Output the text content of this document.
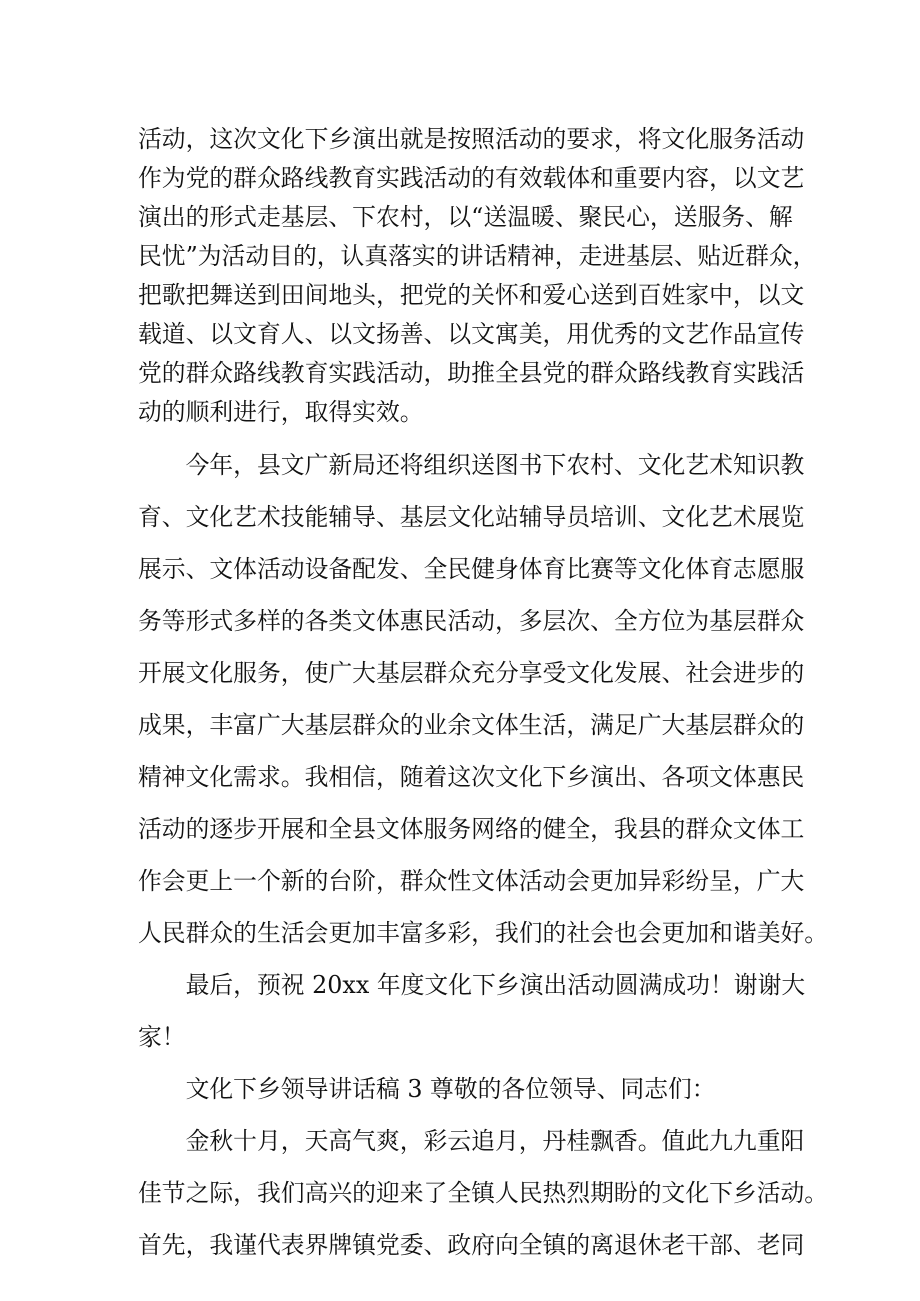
活动，这次文化下乡演出就是按照活动的要求，将文化服务活动
作为党的群众路线教育实践活动的有效载体和重要内容，以文艺
演出的形式走基层、下农村，以“送温暖、聚民心，送服务、解
民忧”为活动目的，认真落实的讲话精神，走进基层、贴近群众，
把歌把舞送到田间地头，把党的关怀和爱心送到百姓家中，以文
载道、以文育人、以文扬善、以文寓美，用优秀的文艺作品宣传
党的群众路线教育实践活动，助推全县党的群众路线教育实践活
动的顺利进行，取得实效。
　　今年，县文广新局还将组织送图书下农村、文化艺术知识教
育、文化艺术技能辅导、基层文化站辅导员培训、文化艺术展览
展示、文体活动设备配发、全民健身体育比赛等文化体育志愿服
务等形式多样的各类文体惠民活动，多层次、全方位为基层群众
开展文化服务，使广大基层群众充分享受文化发展、社会进步的
成果，丰富广大基层群众的业余文体生活，满足广大基层群众的
精神文化需求。我相信，随着这次文化下乡演出、各项文体惠民
活动的逐步开展和全县文体服务网络的健全，我县的群众文体工
作会更上一个新的台阶，群众性文体活动会更加异彩纷呈，广大
人民群众的生活会更加丰富多彩，我们的社会也会更加和谐美好。
　　最后，预祝 20xx 年度文化下乡演出活动圆满成功！谢谢大
家！
　　文化下乡领导讲话稿 3 尊敬的各位领导、同志们：
　　金秋十月，天高气爽，彩云追月，丹桂飘香。值此九九重阳
佳节之际，我们高兴的迎来了全镇人民热烈期盼的文化下乡活动。
首先，我谨代表界牌镇党委、政府向全镇的离退休老干部、老同
